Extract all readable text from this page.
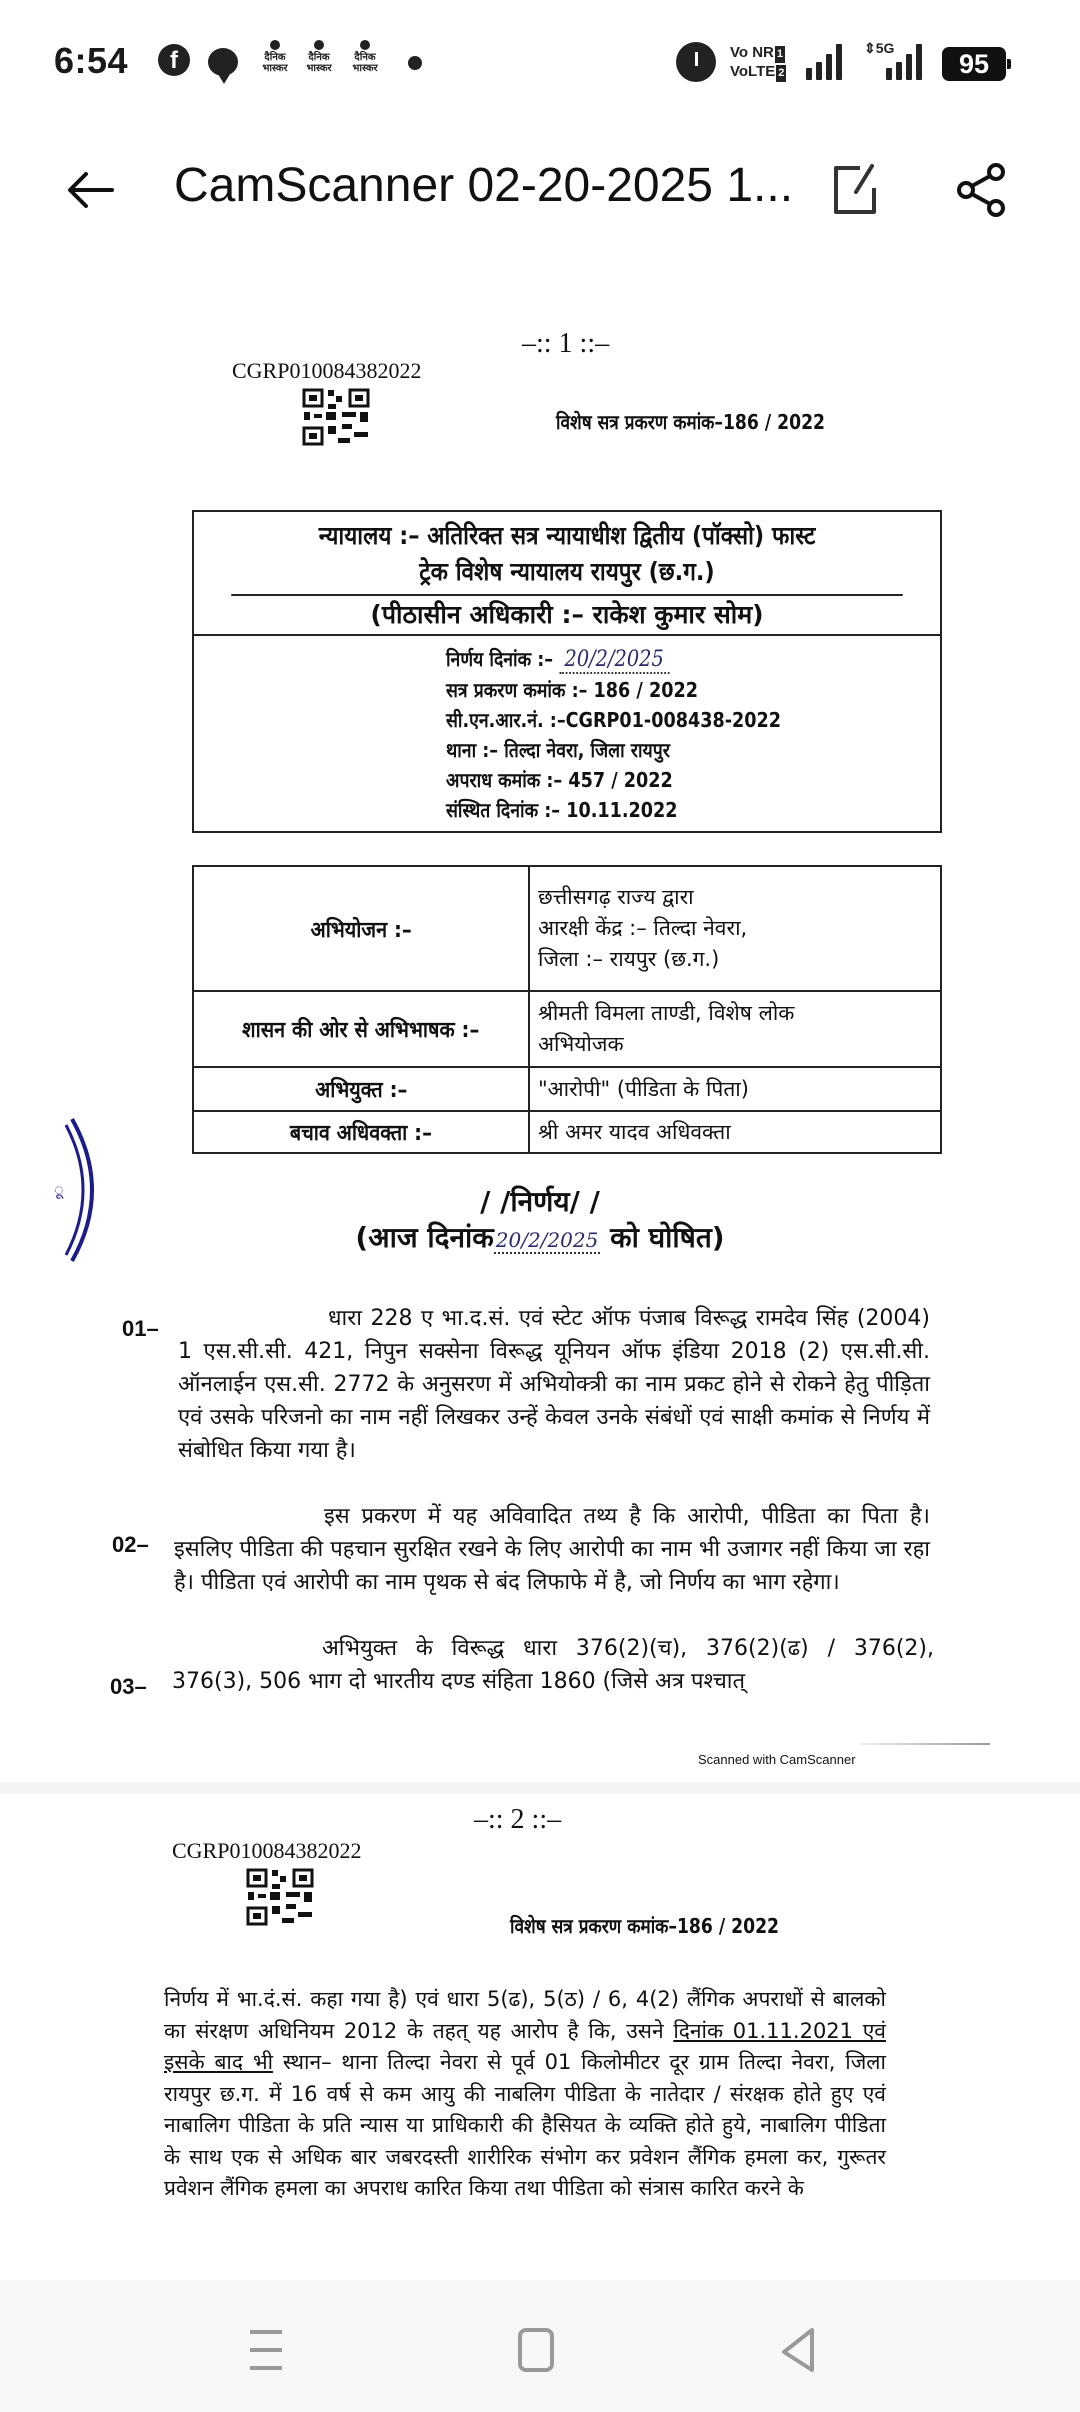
6:54	f	दैनिक
भास्कर
दैनिक
भास्कर
दैनिक
भास्कर
Vo NR 1
VoLTE 2
⇕5G
95
CamScanner 02-20-2025 1...
–:: 1 ::–
CGRP010084382022
विशेष सत्र प्रकरण कमांक–186 / 2022
न्यायालय :– अतिरिक्त सत्र न्यायाधीश द्वितीय (पॉक्सो) फास्ट
ट्रेक विशेष न्यायालय रायपुर (छ.ग.)
(पीठासीन अधिकारी :– राकेश कुमार सोम)
निर्णय दिनांक :– 20/2/2025
सत्र प्रकरण कमांक :– 186 / 2022
सी.एन.आर.नं. :–CGRP01-008438-2022
थाना :– तिल्दा नेवरा, जिला रायपुर
अपराध कमांक :– 457 / 2022
संस्थित दिनांक :– 10.11.2022
अभियोजन :–	छत्तीसगढ़ राज्य द्वारा
आरक्षी केंद्र :– तिल्दा नेवरा,
जिला :– रायपुर (छ.ग.)

शासन की ओर से अभिभाषक :–	श्रीमती विमला ताण्डी, विशेष लोक
अभियोजक

अभियुक्त :–	"आरोपी" (पीडिता के पिता)

बचाव अधिवक्ता :–	श्री अमर यादव अधिवक्ता
ू	/ /निर्णय/ /
(आज दिनांक 20/2/2025 को घोषित)
01–	धारा 228 ए भा.द.सं. एवं स्टेट ऑफ पंजाब विरूद्ध रामदेव सिंह (2004) 1 एस.सी.सी. 421, निपुन सक्सेना विरूद्ध यूनियन ऑफ इंडिया 2018 (2) एस.सी.सी. ऑनलाईन एस.सी. 2772 के अनुसरण में अभियोक्त्री का नाम प्रकट होने से रोकने हेतु पीड़िता एवं उसके परिजनो का नाम नहीं लिखकर उन्हें केवल उनके संबंधों एवं साक्षी कमांक से निर्णय में संबोधित किया गया है।

02–

इस प्रकरण में यह अविवादित तथ्य है कि आरोपी, पीडिता का पिता है। इसलिए पीडिता की पहचान सुरक्षित रखने के लिए आरोपी का नाम भी उजागर नहीं किया जा रहा है। पीडिता एवं आरोपी का नाम पृथक से बंद लिफाफे में है, जो निर्णय का भाग रहेगा।

03–

अभियुक्त के विरूद्ध धारा 376(2)(च), 376(2)(ढ) / 376(2), 376(3), 506 भाग दो भारतीय दण्ड संहिता 1860 (जिसे अत्र पश्चात्

Scanned with CamScanner
–:: 2 ::–
CGRP010084382022
विशेष सत्र प्रकरण कमांक–186 / 2022
निर्णय में भा.दं.सं. कहा गया है) एवं धारा 5(ढ), 5(ठ) / 6, 4(2) लैंगिक अपराधों से बालको का संरक्षण अधिनियम 2012 के तहत् यह आरोप है कि, उसने दिनांक 01.11.2021 एवं इसके बाद भी स्थान– थाना तिल्दा नेवरा से पूर्व 01 किलोमीटर दूर ग्राम तिल्दा नेवरा, जिला रायपुर छ.ग. में 16 वर्ष से कम आयु की नाबलिग पीडिता के नातेदार / संरक्षक होते हुए एवं नाबालिग पीडिता के प्रति न्यास या प्राधिकारी की हैसियत के व्यक्ति होते हुये, नाबालिग पीडिता के साथ एक से अधिक बार जबरदस्ती शारीरिक संभोग कर प्रवेशन लैंगिक हमला कर, गुरूतर प्रवेशन लैंगिक हमला का अपराध कारित किया तथा पीडिता को संत्रास कारित करने के
